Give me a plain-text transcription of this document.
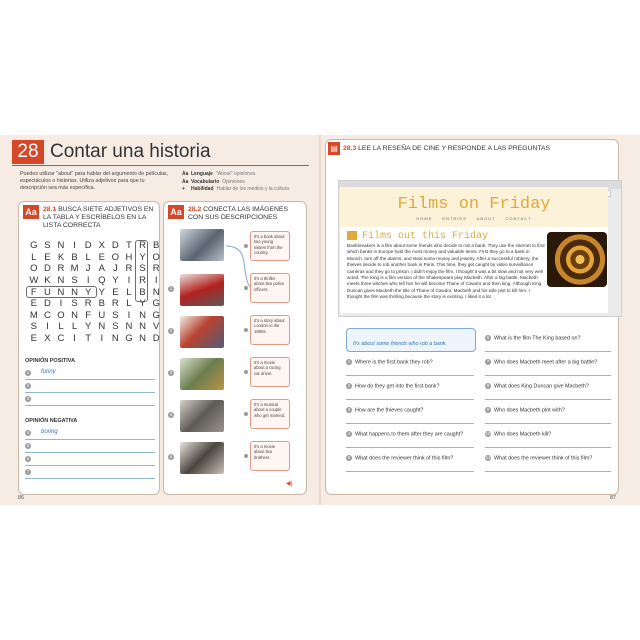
28 Contar una historia
Puedes utilizar "about" para hablar del argumento de películas, espectáculos o historias. Utiliza adjetivos para que tu descripción sea más específica.
Aa Lenguaje "About" opiniones
Aa Vocabulario Opiniones
+	Habilidad Hablar de los medios y la cultura
Aa 28.1 BUSCA SIETE ADJETIVOS EN LA TABLA Y ESCRÍBELOS EN LA LISTA CORRECTA
G S N I D X D T R B
L E K B L E O H Y O
O D R M J A J R S R
W K N S I Q Y I R I
F U N N Y Y E L B N
E D I S R B R L Y G
M C O N F U S I N G
S I	L L Y N S N N V
E X C I T I N G N D
OPINIÓN POSITIVA
1 funny
2
3
OPINIÓN NEGATIVA
4 boring
5
6
7
Aa 28.2 CONECTA LAS IMÁGENES CON SUS DESCRIPCIONES
1
2
3
4
5
It's a book about two young sisters from the country.
It's a thriller about two police officers.
It's a story about London in the 1890s.
It's a movie about a racing car driver.
It's a musical about a couple who get married.
It's a movie about two brothers.
◀)
▤ 28.3 LEE LA RESEÑA DE CINE Y RESPONDE A LAS PREGUNTAS
Films on Friday
HOME	ENTRIES	ABOUT	CONTACT
Films out this Friday
Bankbreakers is a film about some friends who decide to rob a bank. They use the internet to find which banks in Europe hold the most money and valuable items. First they go to a bank in Munich, turn off the alarms, and steal some money and jewelry. After a successful robbery, the thieves decide to rob another bank in Paris. This time, they get caught by video surveillance cameras and they go to prison. I didn't enjoy the film. I thought it was a bit slow and not very well acted. The King is a film version of the Shakespeare play Macbeth. After a big battle, Macbeth meets three witches who tell him he will become Thane of Cawdor and then king. Although King Duncan gives Macbeth the title of Thane of Cawdor, Macbeth and his wife plot to kill him. I thought the film was thrilling because the story is exciting. I liked it a lot.
It's about some friends who rob a bank.
1 Where is the first bank they rob?
2 How do they get into the first bank?
3 How are the thieves caught?
4 What happens to them after they are caught?
5 What does the reviewer think of this film?
6 What is the film The King based on?
7 Who does Macbeth meet after a big battle?
8 What does King Duncan give Macbeth?
9 Who does Macbeth plot with?
10 Who does Macbeth kill?
11 What does the reviewer think of this film?
86	87
